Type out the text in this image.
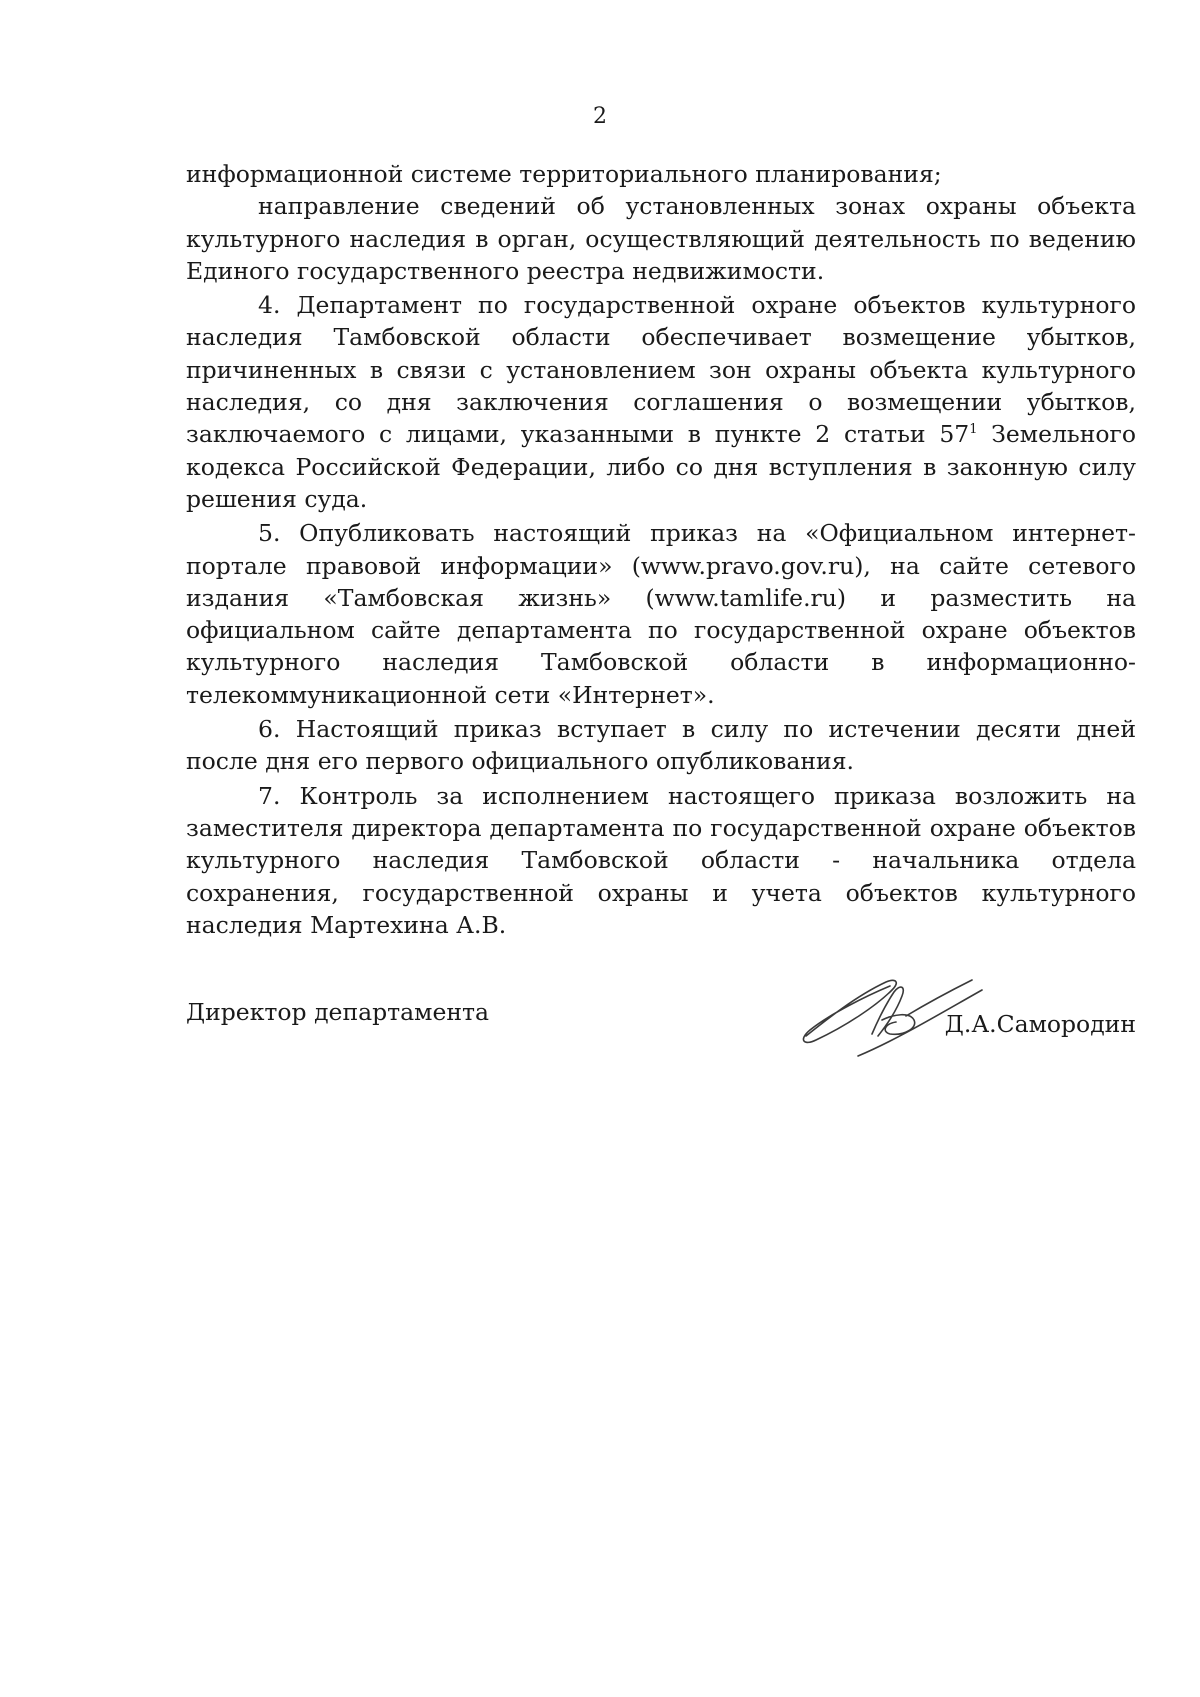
2

информационной системе территориального планирования;

направление сведений об установленных зонах охраны объекта культурного наследия в орган, осуществляющий деятельность по ведению Единого государственного реестра недвижимости.

4. Департамент по государственной охране объектов культурного наследия Тамбовской области обеспечивает возмещение убытков, причиненных в связи с установлением зон охраны объекта культурного наследия, со дня заключения соглашения о возмещении убытков, заключаемого с лицами, указанными в пункте 2 статьи $57^1$ Земельного кодекса Российской Федерации, либо со дня вступления в законную силу решения суда.

5. Опубликовать настоящий приказ на «Официальном интернет-портале правовой информации» (www.pravo.gov.ru), на сайте сетевого издания «Тамбовская жизнь» (www.tamlife.ru) и разместить на официальном сайте департамента по государственной охране объектов культурного наследия Тамбовской области в информационно-телекоммуникационной сети «Интернет».

6. Настоящий приказ вступает в силу по истечении десяти дней после дня его первого официального опубликования.

7. Контроль за исполнением настоящего приказа возложить на заместителя директора департамента по государственной охране объектов культурного наследия Тамбовской области - начальника отдела сохранения, государственной охраны и учета объектов культурного наследия Мартехина А.В.

Директор департамента	Д.А.Самородин
